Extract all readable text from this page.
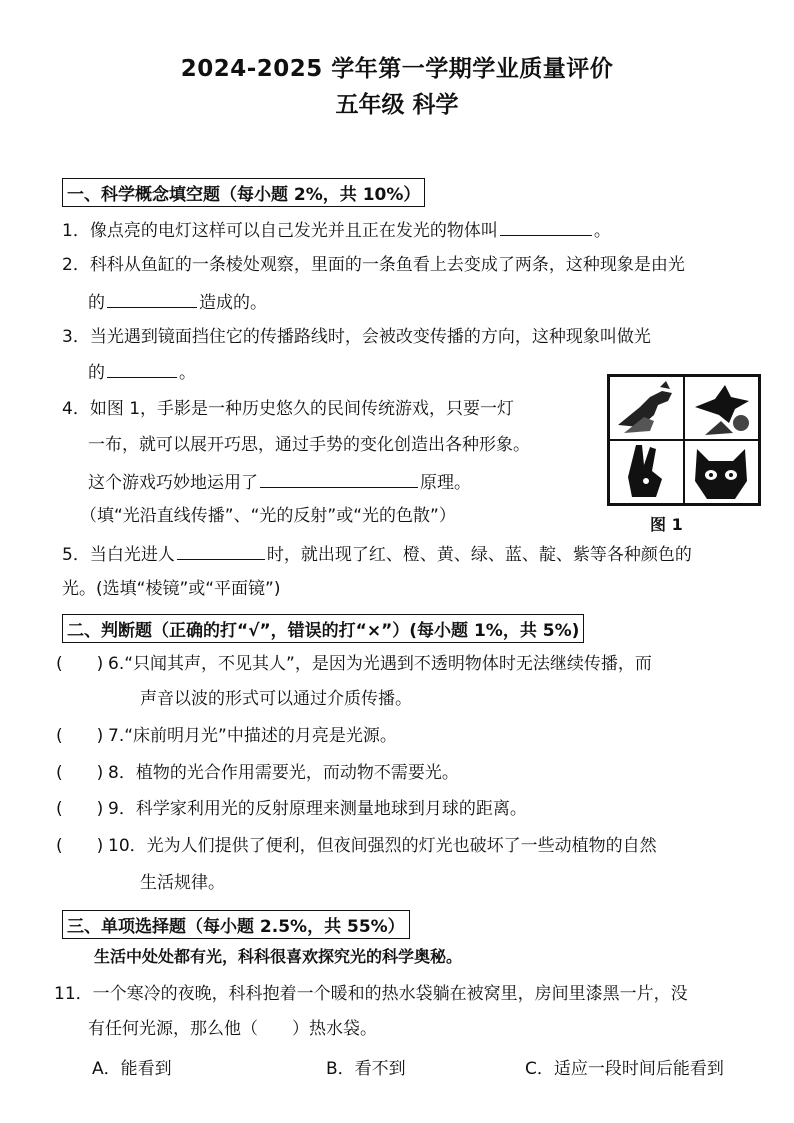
2024-2025 学年第一学期学业质量评价
五年级 科学
一、科学概念填空题（每小题 2%，共 10%）
1．像点亮的电灯这样可以自己发光并且正在发光的物体叫	。
2．科科从鱼缸的一条棱处观察，里面的一条鱼看上去变成了两条，这种现象是由光
的	造成的。
3．当光遇到镜面挡住它的传播路线时，会被改变传播的方向，这种现象叫做光
的	。
4．如图 1，手影是一种历史悠久的民间传统游戏，只要一灯
一布，就可以展开巧思，通过手势的变化创造出各种形象。
这个游戏巧妙地运用了	原理。
（填“光沿直线传播”、“光的反射”或“光的色散”）	图 1
5．当白光进人	时，就出现了红、橙、黄、绿、蓝、靛、紫等各种颜色的
光。(选填“棱镜”或“平面镜”)
二、判断题（正确的打“√”，错误的打“×”）(每小题 1%，共 5%)
(　　) 6.“只闻其声，不见其人”，是因为光遇到不透明物体时无法继续传播，而
声音以波的形式可以通过介质传播。
(　　) 7.“床前明月光”中描述的月亮是光源。
(　　) 8．植物的光合作用需要光，而动物不需要光。
(　　) 9．科学家利用光的反射原理来测量地球到月球的距离。
(　　) 10．光为人们提供了便利，但夜间强烈的灯光也破坏了一些动植物的自然
生活规律。
三、单项选择题（每小题 2.5%，共 55%）
生活中处处都有光，科科很喜欢探究光的科学奥秘。
11．一个寒冷的夜晚，科科抱着一个暖和的热水袋躺在被窝里，房间里漆黑一片，没
有任何光源，那么他（　　）热水袋。
A．能看到	B．看不到	C．适应一段时间后能看到
